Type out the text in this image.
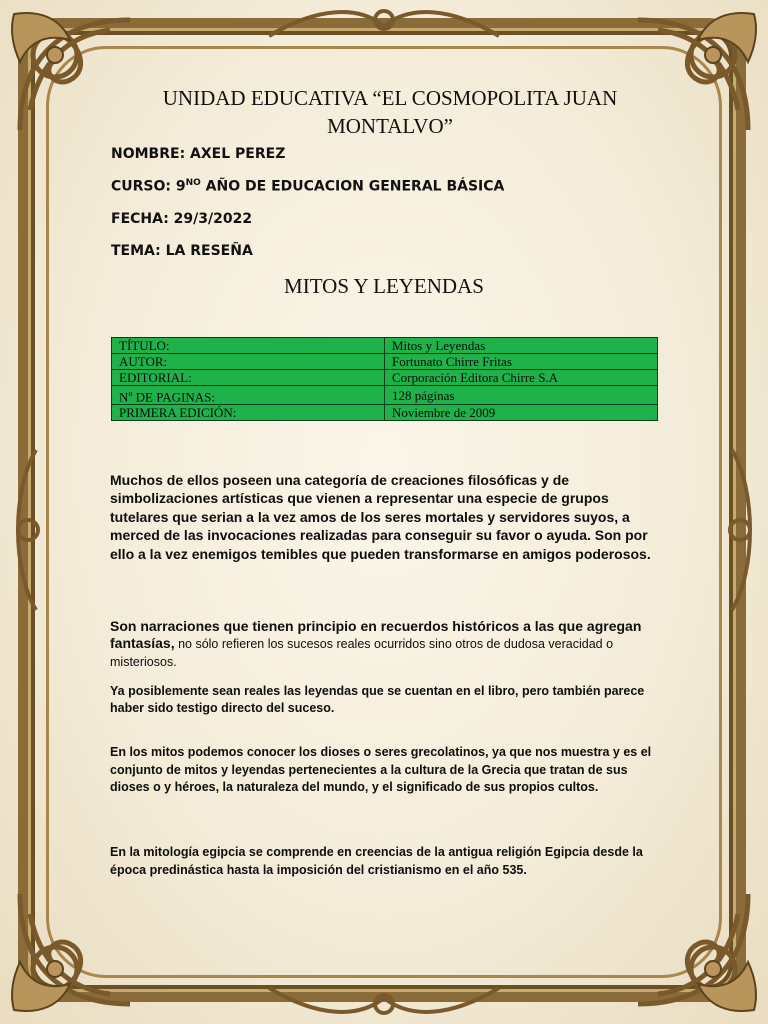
UNIDAD EDUCATIVA “EL COSMOPOLITA JUAN MONTALVO”
NOMBRE: AXEL PEREZ
CURSO: $9^{NO}$ AÑO DE EDUCACION GENERAL BÁSICA
FECHA: 29/3/2022
TEMA: LA RESEÑA
MITOS Y LEYENDAS
TÍTULO:	Mitos y Leyendas
AUTOR:	Fortunato Chirre Fritas
EDITORIAL:	Corporación Editora Chirre S.A
$N^o$ DE PAGINAS:	128 páginas
PRIMERA EDICIÓN:	Noviembre de 2009
Muchos de ellos poseen una categoría de creaciones filosóficas y de simbolizaciones artísticas que vienen a representar una especie de grupos tutelares que serian a la vez amos de los seres mortales y servidores suyos, a merced de las invocaciones realizadas para conseguir su favor o ayuda. Son por ello a la vez enemigos temibles que pueden transformarse en amigos poderosos.
Son narraciones que tienen principio en recuerdos históricos a las que agregan fantasías, no sólo refieren los sucesos reales ocurridos sino otros de dudosa veracidad o misteriosos.
Ya posiblemente sean reales las leyendas que se cuentan en el libro, pero también parece haber sido testigo directo del suceso.
En los mitos podemos conocer los dioses o seres grecolatinos, ya que nos muestra y es el conjunto de mitos y leyendas pertenecientes a la cultura de la Grecia que tratan de sus dioses o y héroes, la naturaleza del mundo, y el significado de sus propios cultos.
En la mitología egipcia se comprende en creencias de la antigua religión Egipcia desde la época predinástica hasta la imposición del cristianismo en el año 535.
